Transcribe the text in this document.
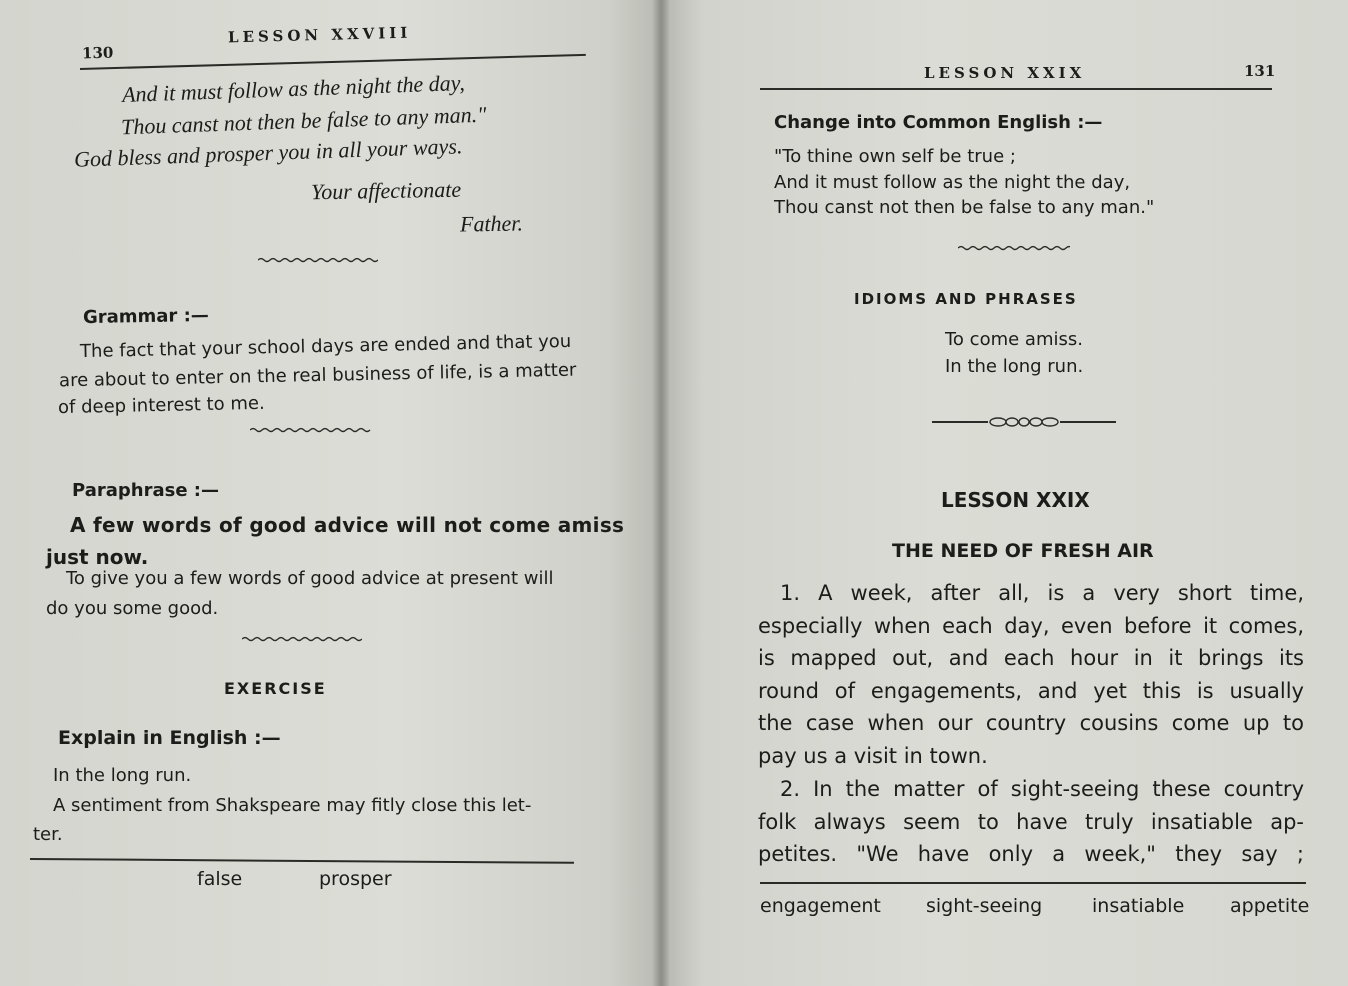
130
LESSON XXVIII
And it must follow as the night the day,
Thou canst not then be false to any man."
God bless and prosper you in all your ways.
Your affectionate
Father.
Grammar :—
The fact that your school days are ended and that you
are about to enter on the real business of life, is a matter
of deep interest to me.
Paraphrase :—
A few words of good advice will not come amiss
just now.
To give you a few words of good advice at present will
do you some good.
EXERCISE
Explain in English :—
In the long run.
A sentiment from Shakspeare may fitly close this let-
ter.
false	prosper
LESSON XXIX	131
Change into Common English :—
"To thine own self be true ;
And it must follow as the night the day,
Thou canst not then be false to any man."
IDIOMS AND PHRASES
To come amiss.
In the long run.
LESSON XXIX
THE NEED OF FRESH AIR
1. A week, after all, is a very short time,
especially when each day, even before it comes,
is mapped out, and each hour in it brings its
round of engagements, and yet this is usually
the case when our country cousins come up to
pay us a visit in town.
2. In the matter of sight-seeing these country
folk always seem to have truly insatiable ap-
petites. "We have only a week," they say ;
engagement sight-seeing	insatiable appetite
